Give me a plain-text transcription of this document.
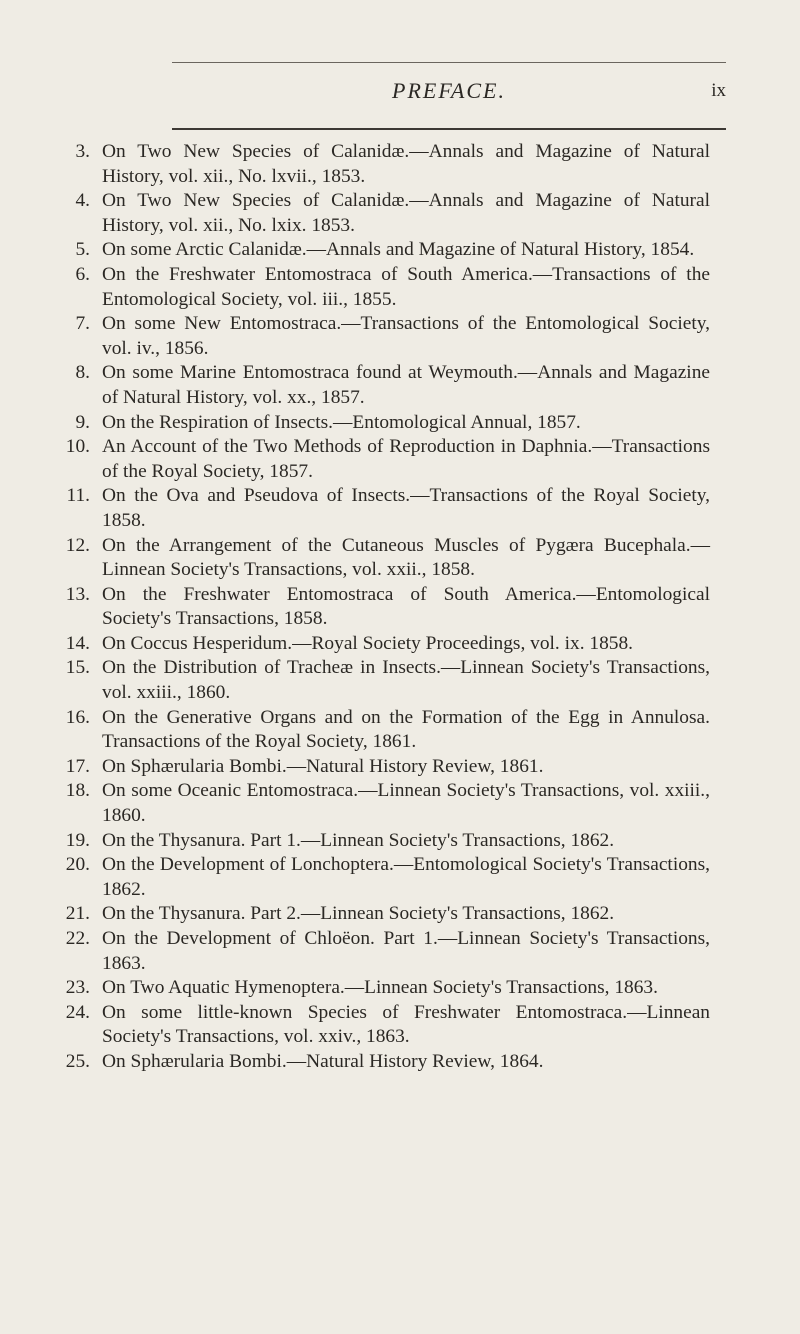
PREFACE.	ix
3. On Two New Species of Calanidæ.—Annals and Magazine of Natural History, vol. xii., No. lxvii., 1853.
4. On Two New Species of Calanidæ.—Annals and Magazine of Natural History, vol. xii., No. lxix. 1853.
5. On some Arctic Calanidæ.—Annals and Magazine of Natural History, 1854.
6. On the Freshwater Entomostraca of South America.—Transactions of the Entomological Society, vol. iii., 1855.
7. On some New Entomostraca.—Transactions of the Entomological Society, vol. iv., 1856.
8. On some Marine Entomostraca found at Weymouth.—Annals and Magazine of Natural History, vol. xx., 1857.
9. On the Respiration of Insects.—Entomological Annual, 1857.
10. An Account of the Two Methods of Reproduction in Daphnia.—Transactions of the Royal Society, 1857.
11. On the Ova and Pseudova of Insects.—Transactions of the Royal Society, 1858.
12. On the Arrangement of the Cutaneous Muscles of Pygæra Bucephala.—Linnean Society's Transactions, vol. xxii., 1858.
13. On the Freshwater Entomostraca of South America.—Entomological Society's Transactions, 1858.
14. On Coccus Hesperidum.—Royal Society Proceedings, vol. ix. 1858.
15. On the Distribution of Tracheæ in Insects.—Linnean Society's Transactions, vol. xxiii., 1860.
16. On the Generative Organs and on the Formation of the Egg in Annulosa. Transactions of the Royal Society, 1861.
17. On Sphærularia Bombi.—Natural History Review, 1861.
18. On some Oceanic Entomostraca.—Linnean Society's Transactions, vol. xxiii., 1860.
19. On the Thysanura. Part 1.—Linnean Society's Transactions, 1862.
20. On the Development of Lonchoptera.—Entomological Society's Transactions, 1862.
21. On the Thysanura. Part 2.—Linnean Society's Transactions, 1862.
22. On the Development of Chloëon. Part 1.—Linnean Society's Transactions, 1863.
23. On Two Aquatic Hymenoptera.—Linnean Society's Transactions, 1863.
24. On some little-known Species of Freshwater Entomostraca.—Linnean Society's Transactions, vol. xxiv., 1863.
25. On Sphærularia Bombi.—Natural History Review, 1864.
